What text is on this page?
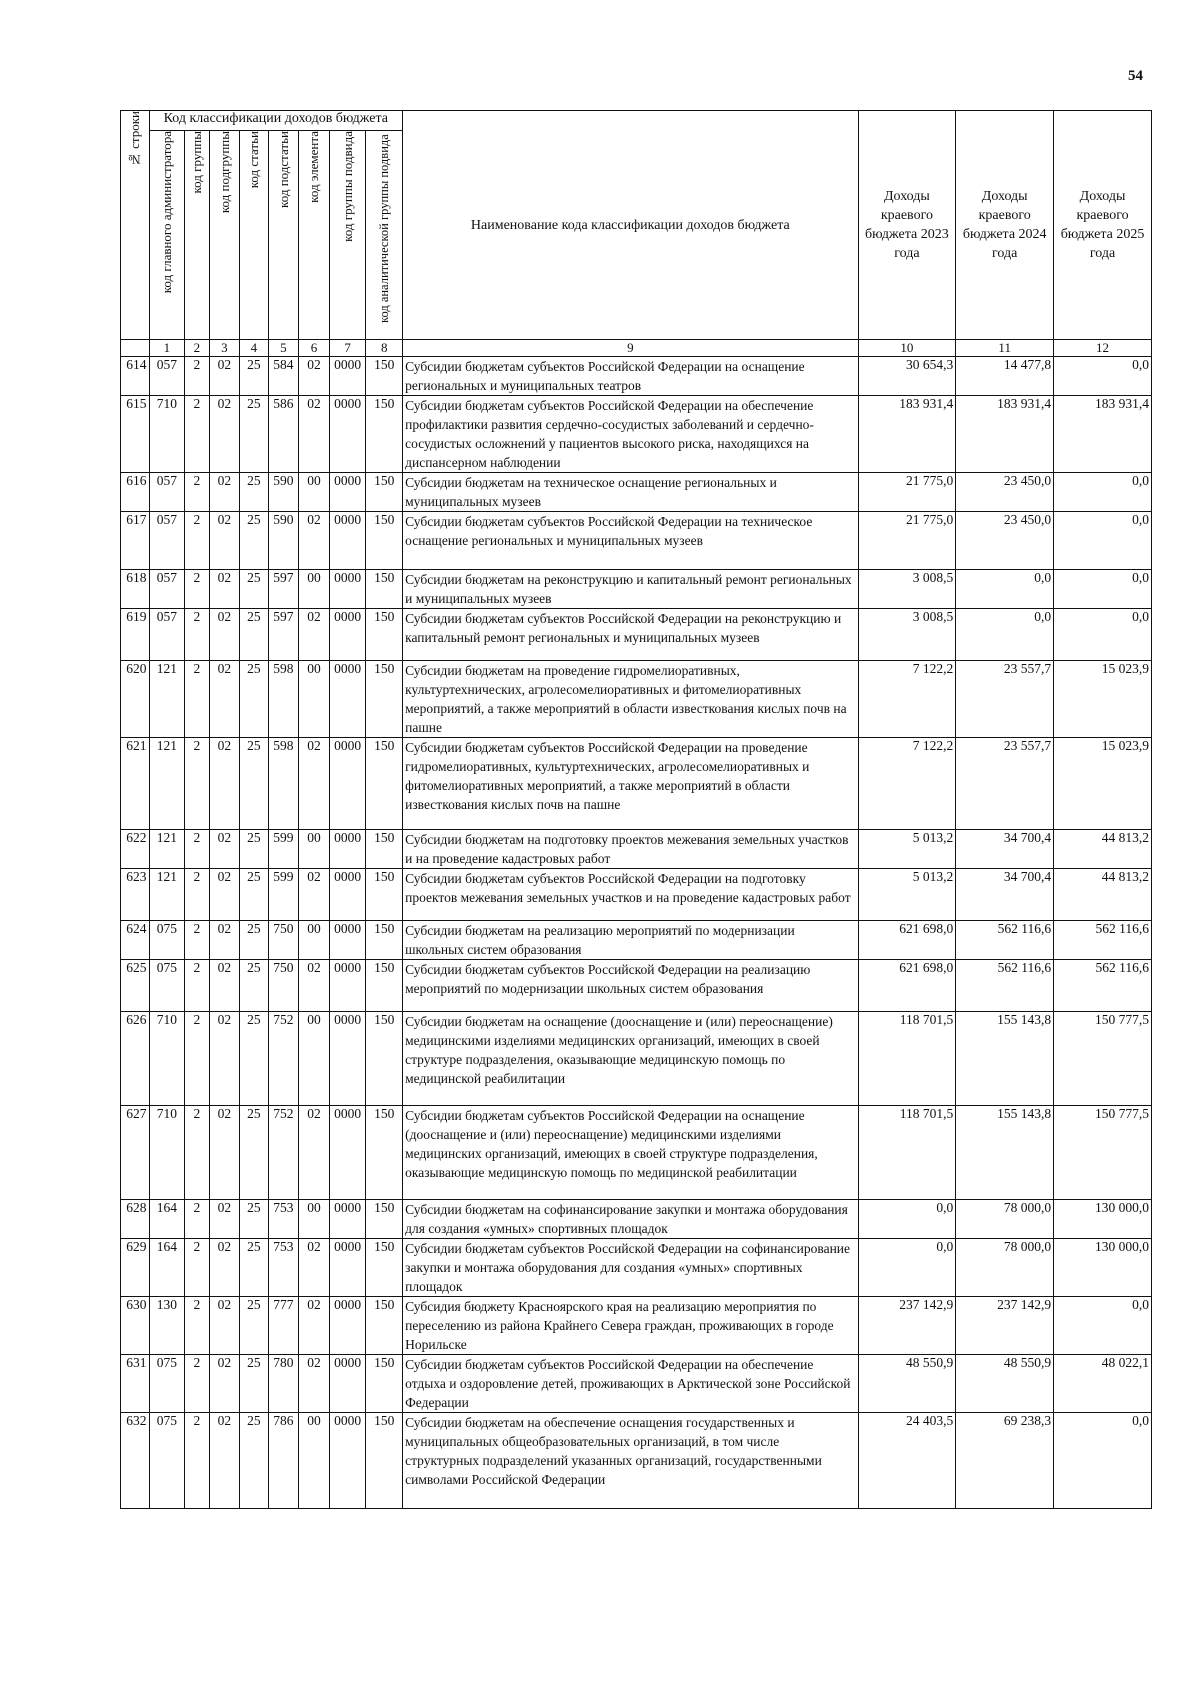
54
№ строки	Код классификации доходов бюджета								Наименование кода классификации доходов бюджета	Доходы краевого бюджета 2023 года	Доходы краевого бюджета 2024 года	Доходы краевого бюджета 2025 года

	код главного администратора	код группы	код подгруппы	код статьи	код подстатьи	код элемента	код группы подвида	код аналитической группы подвида				

	1	2	3	4	5	6	7	8	9	10	11	12
614	057	2	02	25	584	02	0000	150	Субсидии бюджетам субъектов Российской Федерации на оснащение региональных и муниципальных театров	30 654,3	14 477,8	0,0
615	710	2	02	25	586	02	0000	150	Субсидии бюджетам субъектов Российской Федерации на обеспечение профилактики развития сердечно-сосудистых заболеваний и сердечно-сосудистых осложнений у пациентов высокого риска, находящихся на диспансерном наблюдении	183 931,4	183 931,4	183 931,4
616	057	2	02	25	590	00	0000	150	Субсидии бюджетам на техническое оснащение региональных и муниципальных музеев	21 775,0	23 450,0	0,0
617	057	2	02	25	590	02	0000	150	Субсидии бюджетам субъектов Российской Федерации на техническое оснащение региональных и муниципальных музеев	21 775,0	23 450,0	0,0
618	057	2	02	25	597	00	0000	150	Субсидии бюджетам на реконструкцию и капитальный ремонт региональных и муниципальных музеев	3 008,5	0,0	0,0
619	057	2	02	25	597	02	0000	150	Субсидии бюджетам субъектов Российской Федерации на реконструкцию и капитальный ремонт региональных и муниципальных музеев	3 008,5	0,0	0,0
620	121	2	02	25	598	00	0000	150	Субсидии бюджетам на проведение гидромелиоративных, культуртехнических, агролесомелиоративных и фитомелиоративных мероприятий, а также мероприятий в области известкования кислых почв на пашне	7 122,2	23 557,7	15 023,9
621	121	2	02	25	598	02	0000	150	Субсидии бюджетам субъектов Российской Федерации на проведение гидромелиоративных, культуртехнических, агролесомелиоративных и фитомелиоративных мероприятий, а также мероприятий в области известкования кислых почв на пашне	7 122,2	23 557,7	15 023,9
622	121	2	02	25	599	00	0000	150	Субсидии бюджетам на подготовку проектов межевания земельных участков и на проведение кадастровых работ	5 013,2	34 700,4	44 813,2
623	121	2	02	25	599	02	0000	150	Субсидии бюджетам субъектов Российской Федерации на подготовку проектов межевания земельных участков и на проведение кадастровых работ	5 013,2	34 700,4	44 813,2
624	075	2	02	25	750	00	0000	150	Субсидии бюджетам на реализацию мероприятий по модернизации школьных систем образования	621 698,0	562 116,6	562 116,6
625	075	2	02	25	750	02	0000	150	Субсидии бюджетам субъектов Российской Федерации на реализацию мероприятий по модернизации школьных систем образования	621 698,0	562 116,6	562 116,6
626	710	2	02	25	752	00	0000	150	Субсидии бюджетам на оснащение (дооснащение и (или) переоснащение) медицинскими изделиями медицинских организаций, имеющих в своей структуре подразделения, оказывающие медицинскую помощь по медицинской реабилитации	118 701,5	155 143,8	150 777,5
627	710	2	02	25	752	02	0000	150	Субсидии бюджетам субъектов Российской Федерации на оснащение (дооснащение и (или) переоснащение) медицинскими изделиями медицинских организаций, имеющих в своей структуре подразделения, оказывающие медицинскую помощь по медицинской реабилитации	118 701,5	155 143,8	150 777,5
628	164	2	02	25	753	00	0000	150	Субсидии бюджетам на софинансирование закупки и монтажа оборудования для создания «умных» спортивных площадок	0,0	78 000,0	130 000,0
629	164	2	02	25	753	02	0000	150	Субсидии бюджетам субъектов Российской Федерации на софинансирование закупки и монтажа оборудования для создания «умных» спортивных площадок	0,0	78 000,0	130 000,0
630	130	2	02	25	777	02	0000	150	Субсидия бюджету Красноярского края на реализацию мероприятия по переселению из района Крайнего Севера граждан, проживающих в городе Норильске	237 142,9	237 142,9	0,0
631	075	2	02	25	780	02	0000	150	Субсидии бюджетам субъектов Российской Федерации на обеспечение отдыха и оздоровление детей, проживающих в Арктической зоне Российской Федерации	48 550,9	48 550,9	48 022,1
632	075	2	02	25	786	00	0000	150	Субсидии бюджетам на обеспечение оснащения государственных и муниципальных общеобразовательных организаций, в том числе структурных подразделений указанных организаций, государственными символами Российской Федерации	24 403,5	69 238,3	0,0
